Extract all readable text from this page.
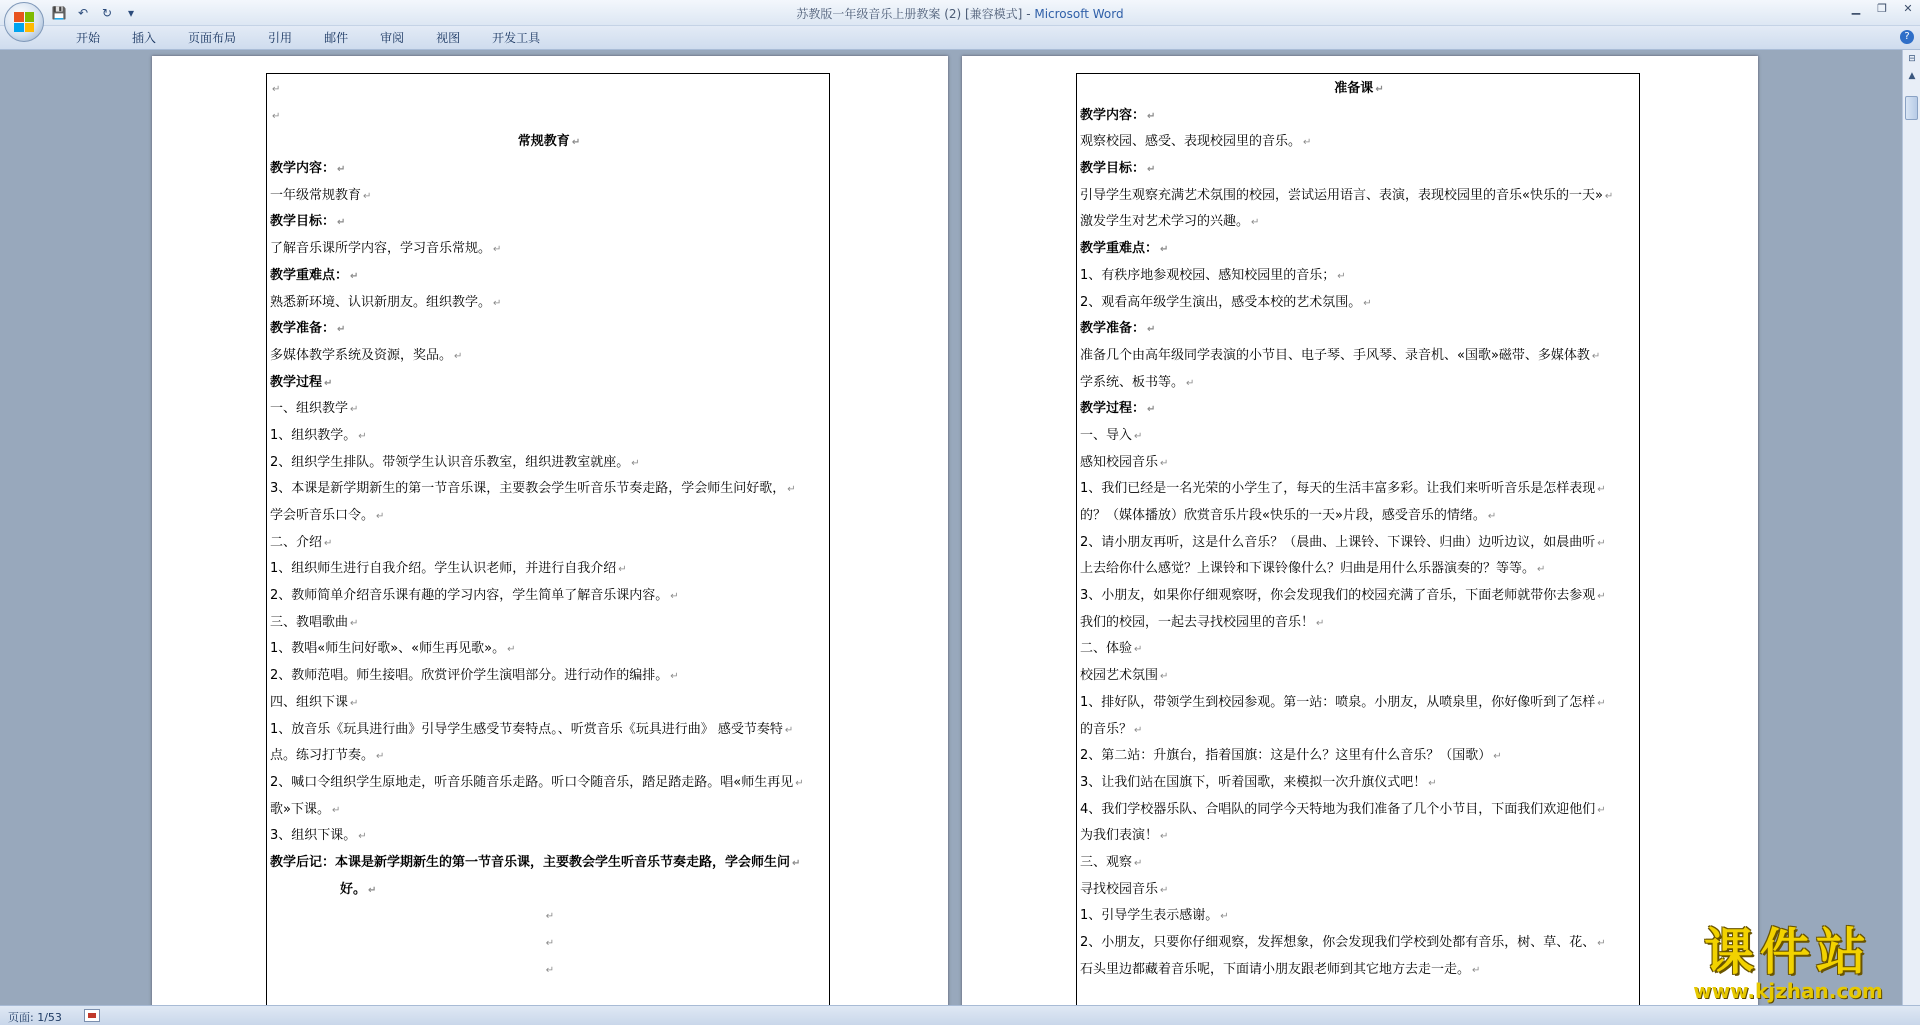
💾 ↶	↻	▾	苏教版一年级音乐上册教案 (2) [兼容模式] - Microsoft Word	▁	❐	✕
开始	插入	页面布局	引用	邮件	审阅	视图	开发工具	?
↵
↵
常规教育 ↵
教学内容： ↵
一年级常规教育 ↵
教学目标： ↵
了解音乐课所学内容，学习音乐常规。 ↵
教学重难点： ↵
熟悉新环境、认识新朋友。组织教学。 ↵
教学准备： ↵
多媒体教学系统及资源，奖品。 ↵
教学过程 ↵
一、组织教学 ↵
1、组织教学。 ↵
2、组织学生排队。带领学生认识音乐教室，组织进教室就座。 ↵
3、本课是新学期新生的第一节音乐课，主要教会学生听音乐节奏走路，学会师生问好歌， ↵
学会听音乐口令。 ↵
二、介绍 ↵
1、组织师生进行自我介绍。学生认识老师，并进行自我介绍 ↵
2、教师简单介绍音乐课有趣的学习内容，学生简单了解音乐课内容。 ↵
三、教唱歌曲 ↵
1、教唱«师生问好歌»、«师生再见歌»。 ↵
2、教师范唱。师生接唱。欣赏评价学生演唱部分。进行动作的编排。 ↵
四、组织下课 ↵
1、放音乐《玩具进行曲》引导学生感受节奏特点。、听赏音乐《玩具进行曲》 感受节奏特 ↵
点。练习打节奏。 ↵
2、喊口令组织学生原地走，听音乐随音乐走路。听口令随音乐，踏足踏走路。唱«师生再见 ↵
歌»下课。 ↵
3、组织下课。 ↵
教学后记：本课是新学期新生的第一节音乐课，主要教会学生听音乐节奏走路，学会师生问 ↵
好。 ↵
↵
↵
↵
准备课 ↵
教学内容： ↵
观察校园、感受、表现校园里的音乐。 ↵
教学目标： ↵
引导学生观察充满艺术氛围的校园，尝试运用语言、表演，表现校园里的音乐«快乐的一天» ↵
激发学生对艺术学习的兴趣。 ↵
教学重难点： ↵
1、有秩序地参观校园、感知校园里的音乐； ↵
2、观看高年级学生演出，感受本校的艺术氛围。 ↵
教学准备： ↵
准备几个由高年级同学表演的小节目、电子琴、手风琴、录音机、«国歌»磁带、多媒体教 ↵
学系统、板书等。 ↵
教学过程： ↵
一、导入 ↵
感知校园音乐 ↵
1、我们已经是一名光荣的小学生了，每天的生活丰富多彩。让我们来听听音乐是怎样表现 ↵
的？（媒体播放）欣赏音乐片段«快乐的一天»片段，感受音乐的情绪。 ↵
2、请小朋友再听，这是什么音乐？（晨曲、上课铃、下课铃、归曲）边听边议，如晨曲听 ↵
上去给你什么感觉？上课铃和下课铃像什么？归曲是用什么乐器演奏的？等等。 ↵
3、小朋友，如果你仔细观察呀，你会发现我们的校园充满了音乐，下面老师就带你去参观 ↵
我们的校园，一起去寻找校园里的音乐！ ↵
二、体验 ↵
校园艺术氛围 ↵
1、排好队，带领学生到校园参观。第一站：喷泉。小朋友，从喷泉里，你好像听到了怎样 ↵
的音乐？ ↵
2、第二站：升旗台，指着国旗：这是什么？这里有什么音乐？（国歌） ↵
3、让我们站在国旗下，听着国歌，来模拟一次升旗仪式吧！ ↵
4、我们学校器乐队、合唱队的同学今天特地为我们准备了几个小节目，下面我们欢迎他们 ↵
为我们表演！ ↵
三、观察 ↵
寻找校园音乐 ↵
1、引导学生表示感谢。 ↵
2、小朋友，只要你仔细观察，发挥想象，你会发现我们学校到处都有音乐，树、草、花、 ↵
石头里边都藏着音乐呢，下面请小朋友跟老师到其它地方去走一走。 ↵
⊟
▲
页面: 1/53
课件站
www.kjzhan.com
